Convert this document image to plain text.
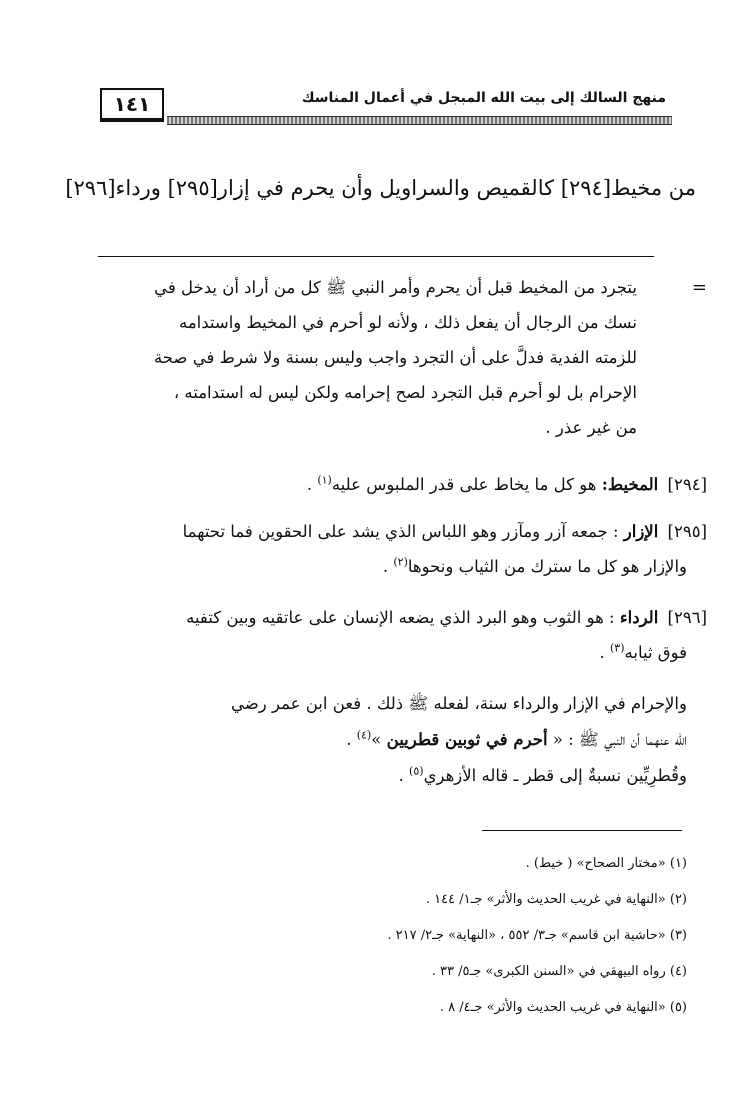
منهج السالك إلى بيت الله المبجل في أعمال المناسك
١٤١
من مخيط[٢٩٤] كالقميص والسراويل وأن يحرم في إزار[٢٩٥] ورداء[٢٩٦]
=
يتجرد من المخيط قبل أن يحرم وأمر النبي ﷺ كل من أراد أن يدخل في
نسك من الرجال أن يفعل ذلك ، ولأنه لو أحرم في المخيط واستدامه
للزمته الفدية فدلَّ على أن التجرد واجب وليس بسنة ولا شرط في صحة
الإحرام بل لو أحرم قبل التجرد لصح إحرامه ولكن ليس له استدامته ،
من غير عذر .
[٢٩٤] المخيط: هو كل ما يخاط على قدر الملبوس عليه$^{(١)}$ .
[٢٩٥] الإزار : جمعه آزر ومآزر وهو اللباس الذي يشد على الحقوين فما تحتهما
والإزار هو كل ما سترك من الثياب ونحوها$^{(٢)}$ .
[٢٩٦] الرداء : هو الثوب وهو البرد الذي يضعه الإنسان على عاتقيه وبين كتفيه
فوق ثيابه$^{(٣)}$ .
والإحرام في الإزار والرداء سنة، لفعله ﷺ ذلك . فعن ابن عمر رضي
الله عنهما أن النبي ﷺ : « أحرم في ثوبين قطريين »$^{(٤)}$ .
وقُطرِيِّين نسبةٌ إلى قطر ـ قاله الأزهري$^{(٥)}$ .
(١) «مختار الصحاح» ( خيط) .
(٢) «النهاية في غريب الحديث والأثر» جـ١/ ١٤٤ .
(٣) «حاشية ابن قاسم» جـ٣/ ٥٥٢ ، «النهاية» جـ٢/ ٢١٧ .
(٤) رواه البيهقي في «السنن الكبرى» جـ٥/ ٣٣ .
(٥) «النهاية في غريب الحديث والأثر» جـ٤/ ٨ .
